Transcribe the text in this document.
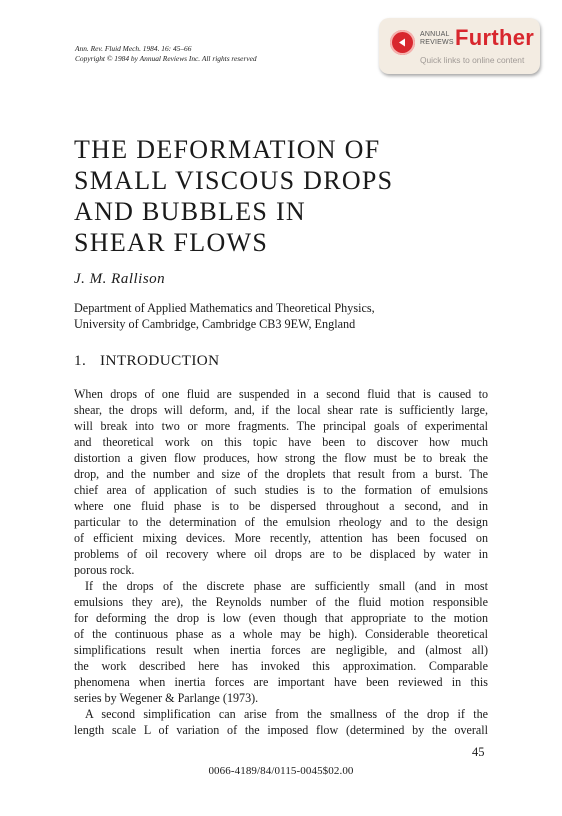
Ann. Rev. Fluid Mech. 1984. 16: 45–66
Copyright © 1984 by Annual Reviews Inc. All rights reserved
ANNUAL
REVIEWS Further
Quick links to online content
THE DEFORMATION OF
SMALL VISCOUS DROPS
AND BUBBLES IN
SHEAR FLOWS
J. M. Rallison
Department of Applied Mathematics and Theoretical Physics,
University of Cambridge, Cambridge CB3 9EW, England
1. INTRODUCTION
When drops of one fluid are suspended in a second fluid that is caused to
shear, the drops will deform, and, if the local shear rate is sufficiently large,
will break into two or more fragments. The principal goals of experimental
and theoretical work on this topic have been to discover how much
distortion a given flow produces, how strong the flow must be to break the
drop, and the number and size of the droplets that result from a burst. The
chief area of application of such studies is to the formation of emulsions
where one fluid phase is to be dispersed throughout a second, and in
particular to the determination of the emulsion rheology and to the design
of efficient mixing devices. More recently, attention has been focused on
problems of oil recovery where oil drops are to be displaced by water in
porous rock.
If the drops of the discrete phase are sufficiently small (and in most
emulsions they are), the Reynolds number of the fluid motion responsible
for deforming the drop is low (even though that appropriate to the motion
of the continuous phase as a whole may be high). Considerable theoretical
simplifications result when inertia forces are negligible, and (almost all)
the work described here has invoked this approximation. Comparable
phenomena when inertia forces are important have been reviewed in this
series by Wegener & Parlange (1973).
A second simplification can arise from the smallness of the drop if the
length scale L of variation of the imposed flow (determined by the overall
45
0066-4189/84/0115-0045$02.00
